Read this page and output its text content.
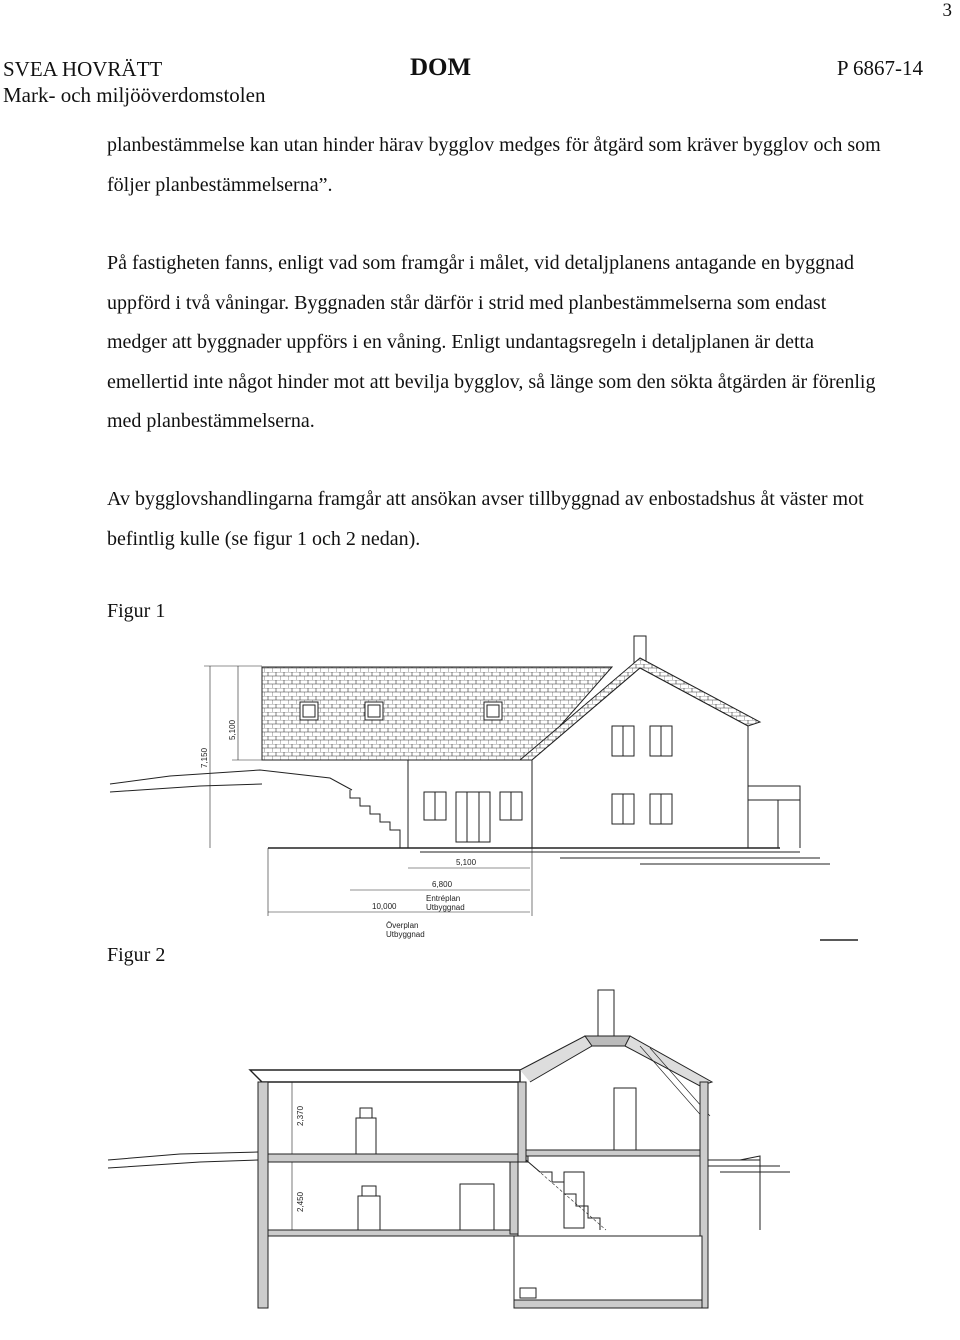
3
SVEA HOVRÄTT
Mark- och miljööverdomstolen
DOM	P 6867-14

planbestämmelse kan utan hinder härav bygglov medges för åtgärd som kräver bygglov och som följer planbestämmelserna”.

På fastigheten fanns, enligt vad som framgår i målet, vid detaljplanens antagande en byggnad uppförd i två våningar. Byggnaden står därför i strid med planbestämmelserna som endast medger att byggnader uppförs i en våning. Enligt undantagsregeln i detaljplanen är detta emellertid inte något hinder mot att bevilja bygglov, så länge som den sökta åtgärden är förenlig med planbestämmelserna.

Av bygglovshandlingarna framgår att ansökan avser tillbyggnad av enbostadshus åt väster mot befintlig kulle (se figur 1 och 2 nedan).

Figur 1
Figur 2
7,150
5,100
5,100
6,800
Entréplan
Utbyggnad
10,000
Överplan
Utbyggnad
2,370
2,450
